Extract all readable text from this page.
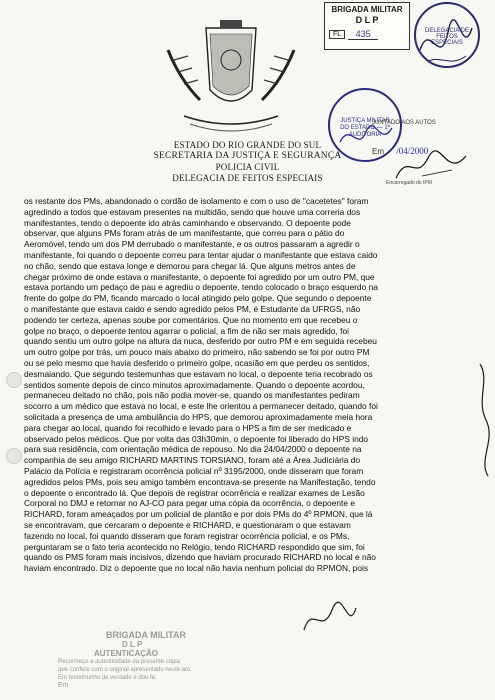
BRIGADA MILITAR
D L P
FL	435	DELEGACIA DE FEITOS ESPECIAIS
JUSTIÇA MILITAR DO ESTADO — 1ª AUDITORIA
JUNTADO AOS AUTOS
Em /04/2000
Encarregado do IPM
ESTADO DO RIO GRANDE DO SUL
SECRETARIA DA JUSTIÇA E SEGURANÇA
POLICIA CIVIL
DELEGACIA DE FEITOS ESPECIAIS

os restante dos PMs, abandonado o cordão de isolamento e com o uso de "cacetetes" foram

agredindo a todos que estavam presentes na multidão, sendo que houve uma correria dos

manifestantes, tendo o depoente ido atrás caminhando e observando. O depoente pode

observar, que alguns PMs foram atrás de um manifestante, que correu para o pátio do

Aeromóvel, tendo um dos PM derrubado o manifestante, e os outros passaram a agredir o

manifestante, foi quando o depoente correu para tentar ajudar o manifestante que estava caido

no chão, sendo que estava longe e demorou para chegar lá. Que alguns metros antes de

chegar próximo de onde estava o manifestante, o depoente foi agredido por um outro PM, que

estava portando um pedaço de pau e agrediu o depoente, tendo colocado o braço esquerdo na

frente do golpe do PM, ficando marcado o local atingido pelo golpe. Que segundo o depoente

o manifestante que estava caido e sendo agredido pelos PM, é Estudante da UFRGS, não

podendo ter certeza, apenas soube por comentários. Que no momento em que recebeu o

golpe no braço, o depoente tentou agarrar o policial, a fim de não ser mais agredido, foi

quando sentiu um outro golpe na altura da nuca, desferido por outro PM e em seguida recebeu

um outro golpe por trás, um pouco mais abaixo do primeiro, não sabendo se foi por outro PM

ou se pelo mesmo que havia desferido o primeiro golpe, ocasião em que perdeu os sentidos,

desmaiando. Que segundo testemunhas que estavam no local, o depoente teria recobrado os

sentidos somente depois de cinco minutos aproximadamente. Quando o depoente acordou,

permaneceu deitado no chão, pois não podia mover-se, quando os manifestantes pediram

socorro a um médico que estava no local, e este lhe orientou a permanecer deitado, quando foi

solicitada a presença de uma ambulância do HPS, que demorou aproximadamente meia hora

para chegar ao local, quando foi recolhido e levado para o HPS a fim de ser medicado e

observado pelos médicos. Que por volta das 03h30min, o depoente foi liberado do HPS indo

para sua residência, com orientação médica de repouso. No dia 24/04/2000 o depoente na

companhia de seu amigo RICHARD MARTINS TORSIANO, foram até a Área Judiciária do

Palácio da Polícia e registraram ocorrência policial nº 3195/2000, onde disseram que foram

agredidos pelos PMs, pois seu amigo também encontrava-se presente na Manifestação, tendo

o depoente o encontrado lá. Que depois de registrar ocorrência e realizar exames de Lesão

Corporal no DMJ e retornar no AJ-CO para pegar uma cópia da ocorrência, o depoente e

RICHARD, foram ameaçados por um policial de plantão e por dois PMs do 4º RPMON, que lá

se encontravam, que cercaram o depoente e RICHARD, e questionaram o que estavam

fazendo no local, foi quando disseram que foram registrar ocorrência policial, e os PMs,

perguntaram se o fato teria acontecido no Relógio, tendo RICHARD respondido que sim, foi

quando os PMS foram mais incisivos, dizendo que haviam procurado RICHARD no local e não

haviam encontrado. Diz o depoente que no local não havia nenhum policial do RPMON, pois

BRIGADA MILITAR
D L P
AUTENTICAÇÃO
Reconheço a autenticidade da presente cópia
que confere com o original apresentado neste ato.
Em testemunho de verdade e dou fé.
Em
